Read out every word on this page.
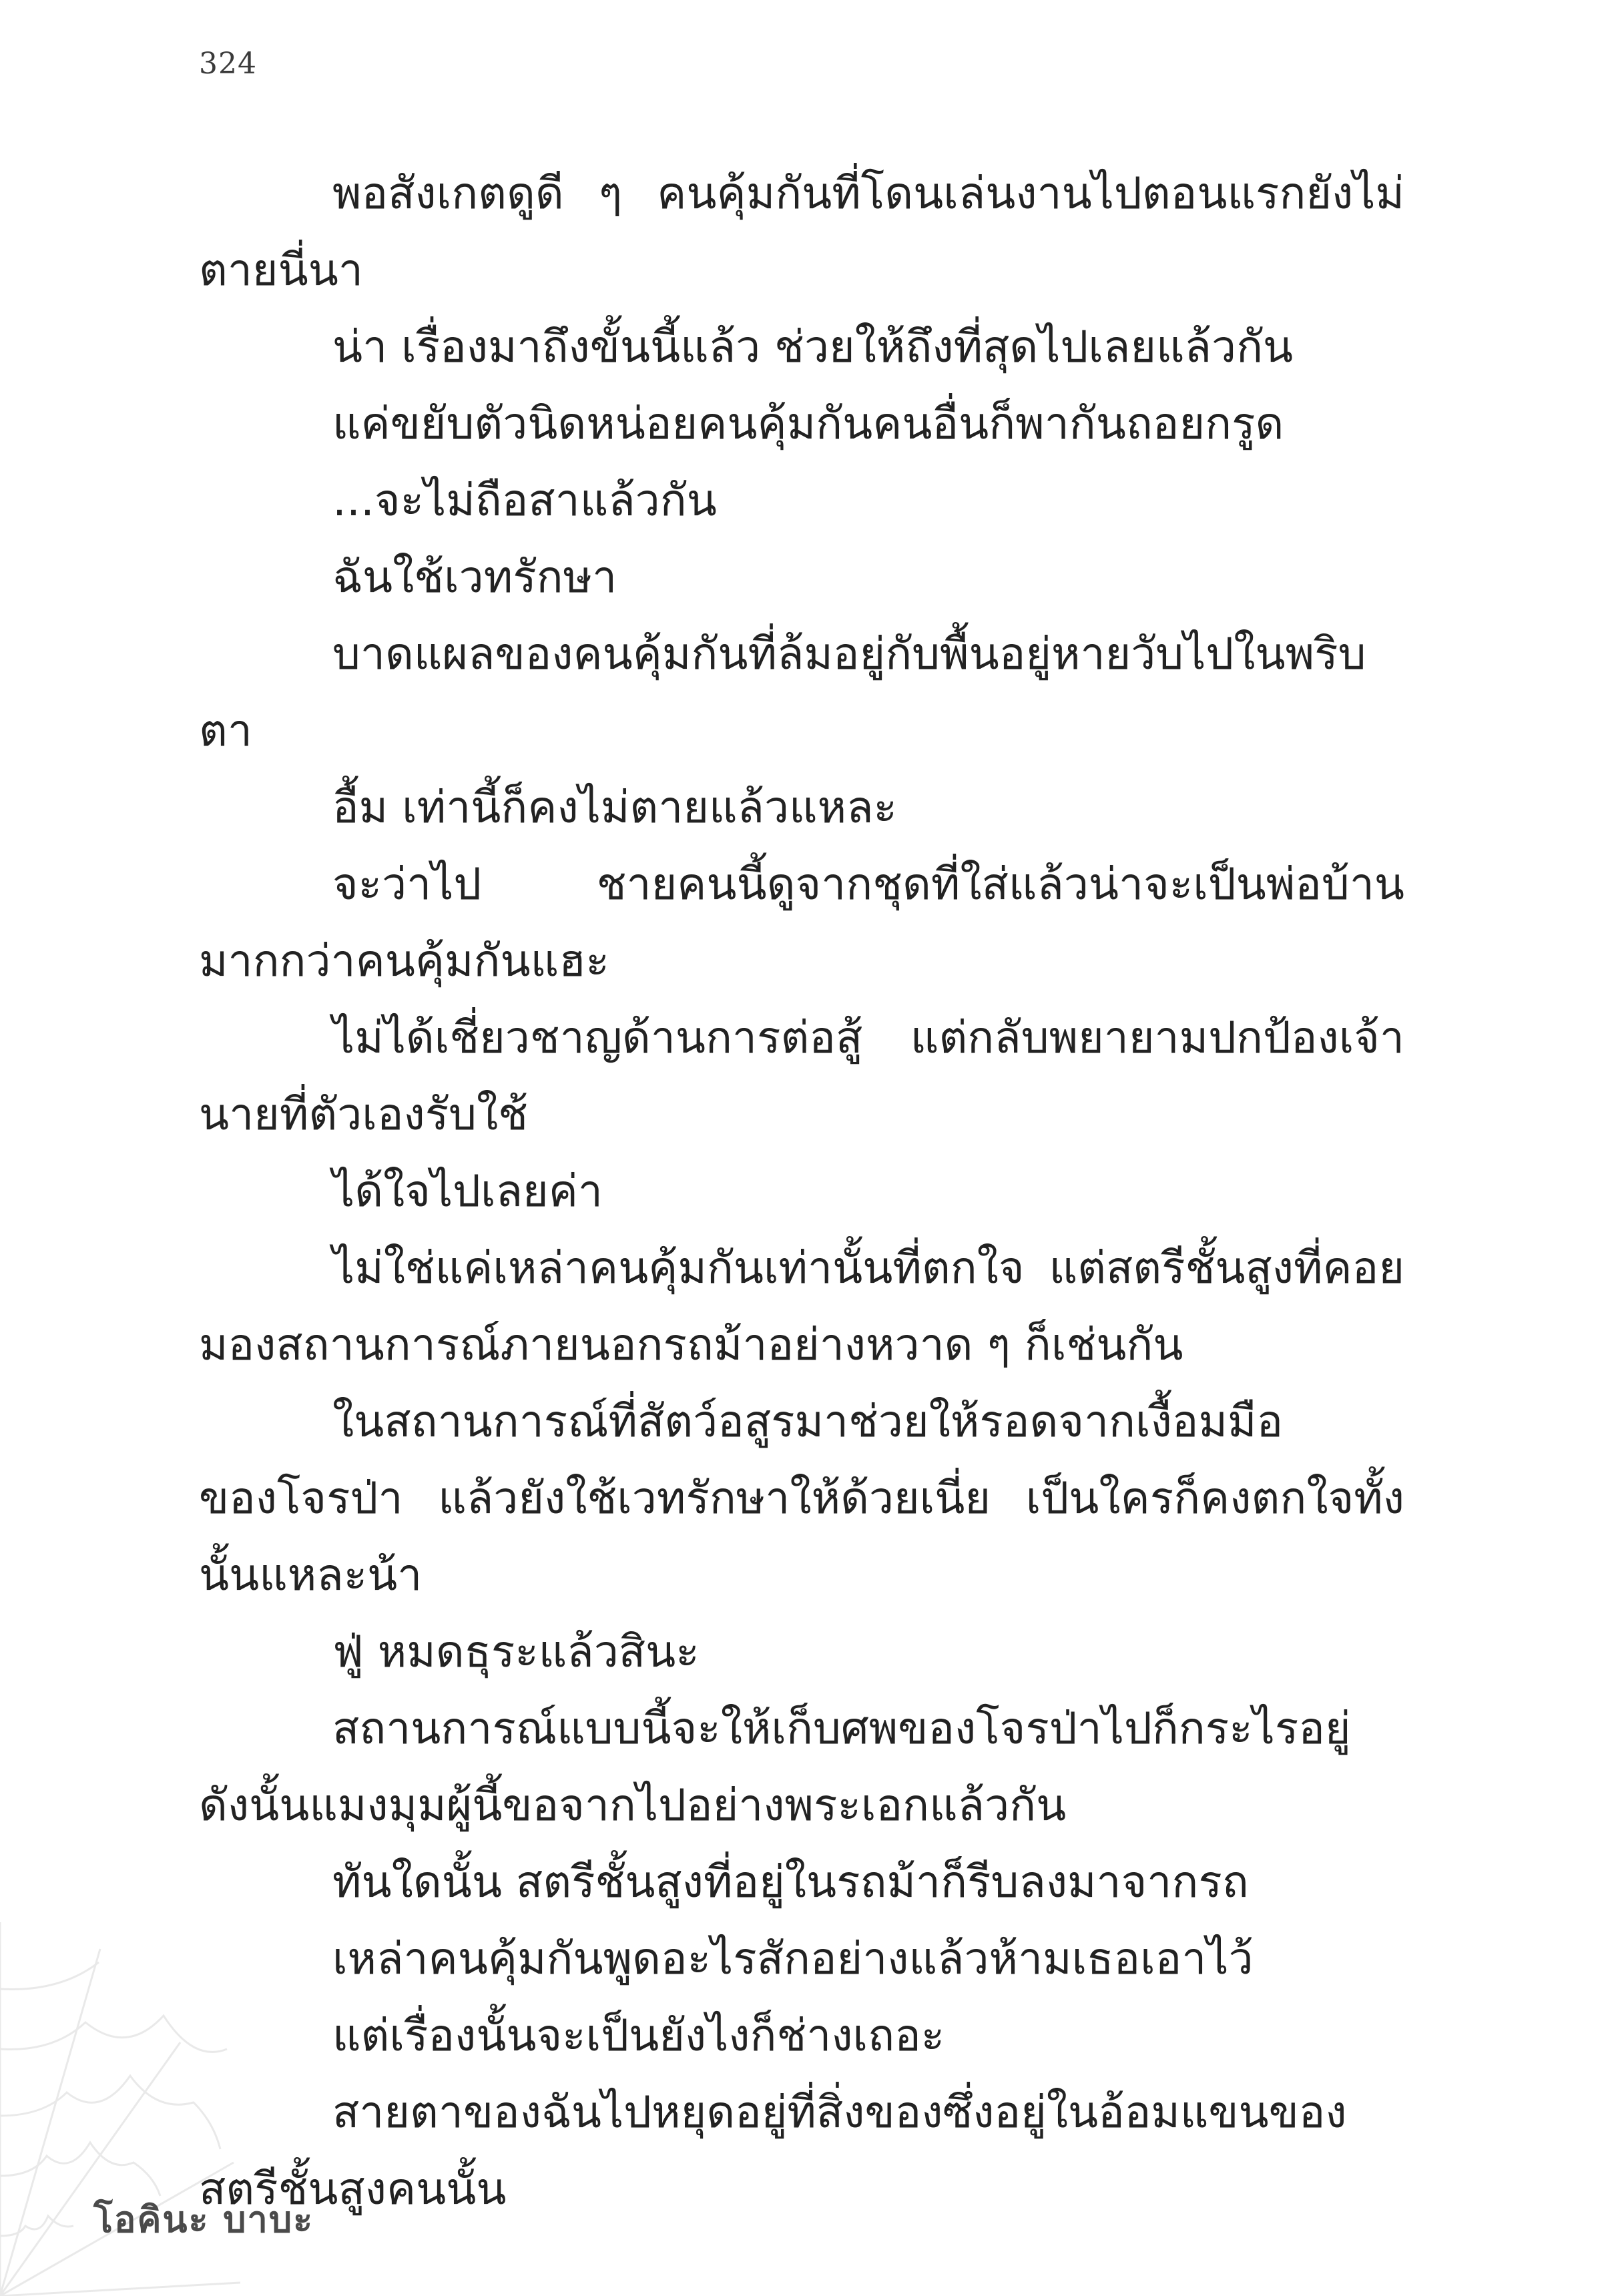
324

พอสังเกตดูดี ๆ คนคุ้มกันที่โดนเล่นงานไปตอนแรกยังไม่ตายนี่นา

น่า เรื่องมาถึงขั้นนี้แล้ว ช่วยให้ถึงที่สุดไปเลยแล้วกัน

แค่ขยับตัวนิดหน่อยคนคุ้มกันคนอื่นก็พากันถอยกรูด

...จะไม่ถือสาแล้วกัน

ฉันใช้เวทรักษา

บาดแผลของคนคุ้มกันที่ล้มอยู่กับพื้นอยู่หายวับไปในพริบตา

อื้ม เท่านี้ก็คงไม่ตายแล้วแหละ

จะว่าไป ชายคนนี้ดูจากชุดที่ใส่แล้วน่าจะเป็นพ่อบ้านมากกว่าคนคุ้มกันแฮะ

ไม่ได้เชี่ยวชาญด้านการต่อสู้ แต่กลับพยายามปกป้องเจ้านายที่ตัวเองรับใช้

ได้ใจไปเลยค่า

ไม่ใช่แค่เหล่าคนคุ้มกันเท่านั้นที่ตกใจ แต่สตรีชั้นสูงที่คอยมองสถานการณ์ภายนอกรถม้าอย่างหวาด ๆ ก็เช่นกัน

ในสถานการณ์ที่สัตว์อสูรมาช่วยให้รอดจากเงื้อมมือของโจรป่า แล้วยังใช้เวทรักษาให้ด้วยเนี่ย เป็นใครก็คงตกใจทั้งนั้นแหละน้า

ฟู่ หมดธุระแล้วสินะ

สถานการณ์แบบนี้จะให้เก็บศพของโจรป่าไปก็กระไรอยู่ ดังนั้นแมงมุมผู้นี้ขอจากไปอย่างพระเอกแล้วกัน

ทันใดนั้น สตรีชั้นสูงที่อยู่ในรถม้าก็รีบลงมาจากรถ

เหล่าคนคุ้มกันพูดอะไรสักอย่างแล้วห้ามเธอเอาไว้

แต่เรื่องนั้นจะเป็นยังไงก็ช่างเถอะ

สายตาของฉันไปหยุดอยู่ที่สิ่งของซึ่งอยู่ในอ้อมแขนของสตรีชั้นสูงคนนั้น

โอคินะ บาบะ
